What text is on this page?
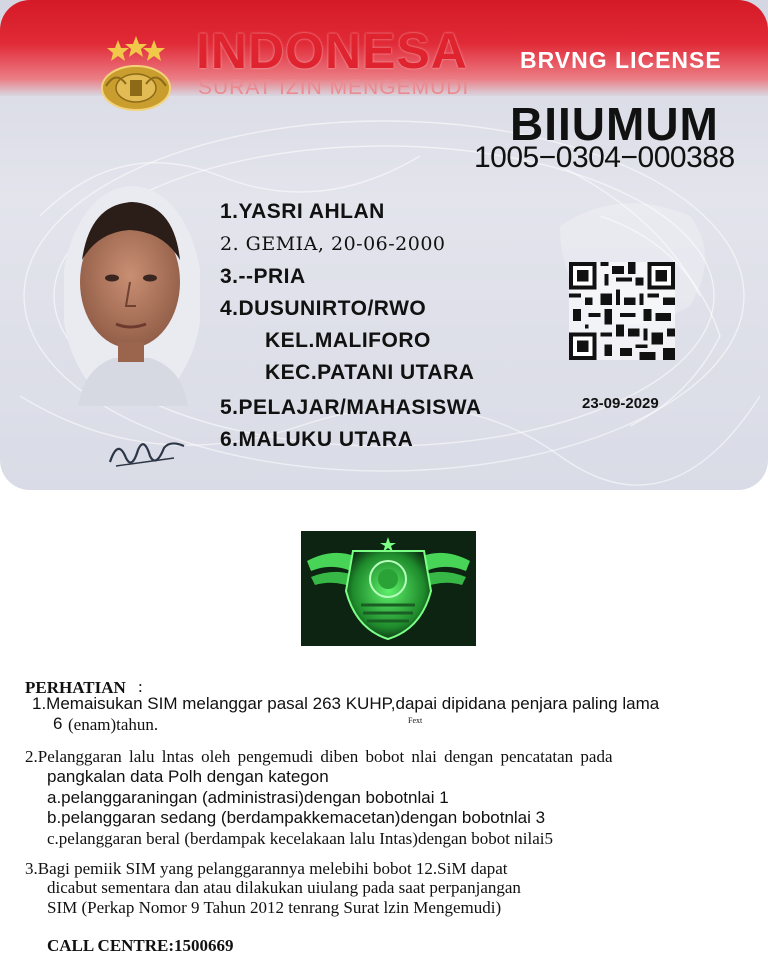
INDONESA
SURAT IZIN MENGEMUDI
BRVNG LICENSE
BIIUMUM
1005−0304−000388
1.YASRI AHLAN
2. GEMIA, 20-06-2000
3.--PRIA
4.DUSUNIRTO/RWO
KEL.MALIFORO
KEC.PATANI UTARA
5.PELAJAR/MAHASISWA
6.MALUKU UTARA
23-09-2029
PERHATIAN :
1.Memaisukan SIM melanggar pasal 263 KUHP,dapai dipidana penjara paling lama
6 (enam)tahun.	Fext
2.Pelanggaran lalu lntas oleh pengemudi diben bobot nlai dengan pencatatan pada
pangkalan data Polh dengan kategon
a.pelanggaraningan (administrasi)dengan bobotnlai 1
b.pelanggaran sedang (berdampakkemacetan)dengan bobotnlai 3
c.pelanggaran beral (berdampak kecelakaan lalu Intas)dengan bobot nilai5
3.Bagi pemiik SIM yang pelanggarannya melebihi bobot 12.SiM dapat
dicabut sementara dan atau dilakukan uiulang pada saat perpanjangan
SIM (Perkap Nomor 9 Tahun 2012 tenrang Surat lzin Mengemudi)
CALL CENTRE:1500669
